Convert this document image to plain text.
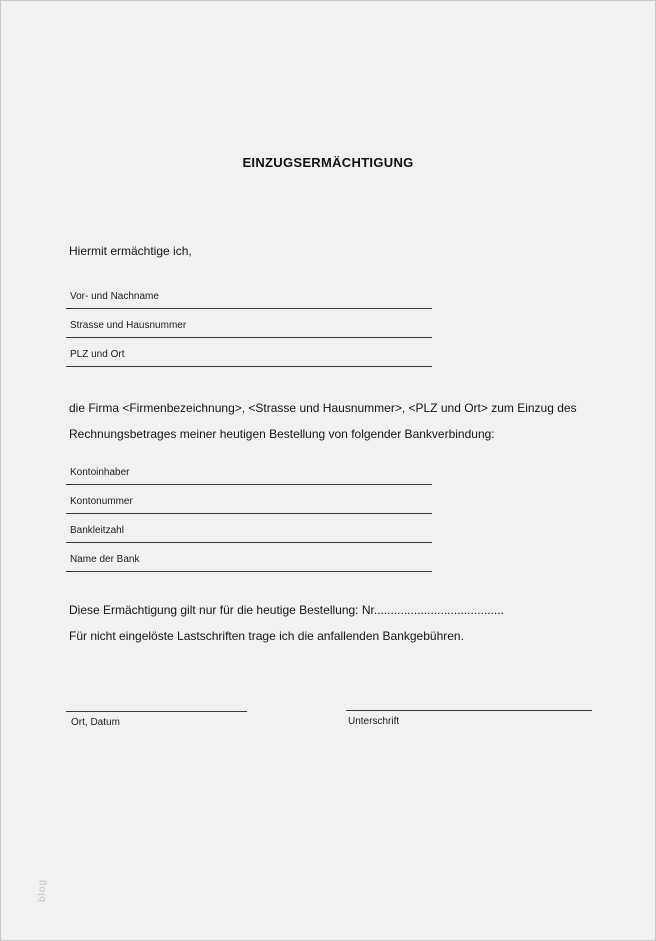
EINZUGSERMÄCHTIGUNG

Hiermit ermächtige ich,

Vor- und Nachname
Strasse und Hausnummer
PLZ und Ort

die Firma <Firmenbezeichnung>, <Strasse und Hausnummer>, <PLZ und Ort> zum Einzug des Rechnungsbetrages meiner heutigen Bestellung von folgender Bankverbindung:

Kontoinhaber
Kontonummer
Bankleitzahl
Name der Bank

Diese Ermächtigung gilt nur für die heutige Bestellung: Nr.......................................

Für nicht eingelöste Lastschriften trage ich die anfallenden Bankgebühren.

Ort, Datum	Unterschrift
blog
